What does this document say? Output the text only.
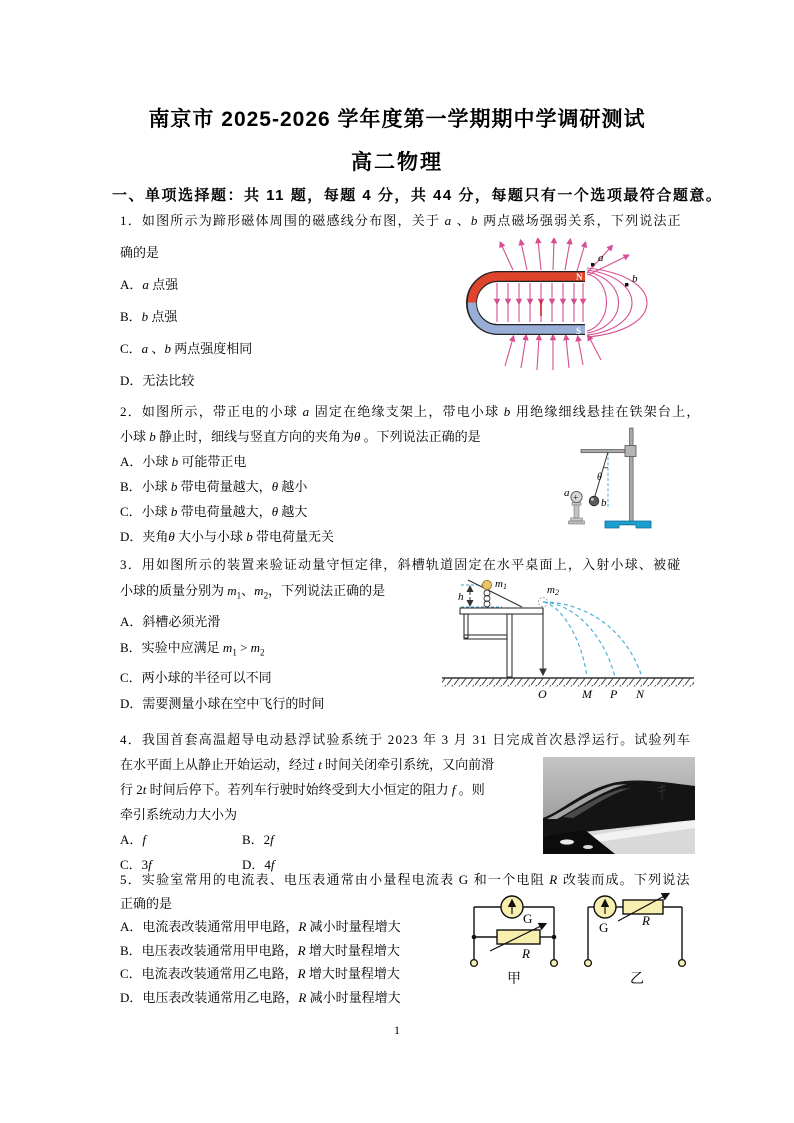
南京市 2025-2026 学年度第一学期期中学调研测试
高二物理
一、单项选择题：共 11 题，每题 4 分，共 44 分，每题只有一个选项最符合题意。
1．如图所示为蹄形磁体周围的磁感线分布图，关于 a 、b 两点磁场强弱关系，下列说法正
确的是
A．a 点强
B．b 点强
C．a 、b 两点强度相同
D．无法比较
N
S
a
b
2．如图所示，带正电的小球 a 固定在绝缘支架上，带电小球 b 用绝缘细线悬挂在铁架台上，
小球 b 静止时，细线与竖直方向的夹角为θ 。下列说法正确的是
A．小球 b 可能带正电
B．小球 b 带电荷量越大，θ 越小
C．小球 b 带电荷量越大，θ 越大
D．夹角θ 大小与小球 b 带电荷量无关
θ
b
+
a
3．用如图所示的装置来验证动量守恒定律，斜槽轨道固定在水平桌面上，入射小球、被碰
小球的质量分别为 $m_1$、$m_2$，下列说法正确的是
A．斜槽必须光滑
B．实验中应满足 $m_1 > m_2$
C．两小球的半径可以不同
D．需要测量小球在空中飞行的时间
h
m1	m2
O	M P N
4．我国首套高温超导电动悬浮试验系统于 2023 年 3 月 31 日完成首次悬浮运行。试验列车
在水平面上从静止开始运动，经过 t 时间关闭牵引系统，又向前滑
行 2t 时间后停下。若列车行驶时始终受到大小恒定的阻力 f 。则
牵引系统动力大小为
A．f	B．2f
C．3f	D．4f
5．实验室常用的电流表、电压表通常由小量程电流表 G 和一个电阻 R 改装而成。下列说法
正确的是
A．电流表改装通常用甲电路，R 减小时量程增大
B．电压表改装通常用甲电路，R 增大时量程增大
C．电流表改装通常用乙电路，R 增大时量程增大
D．电压表改装通常用乙电路，R 减小时量程增大
G
R
甲
G	R
乙
1
